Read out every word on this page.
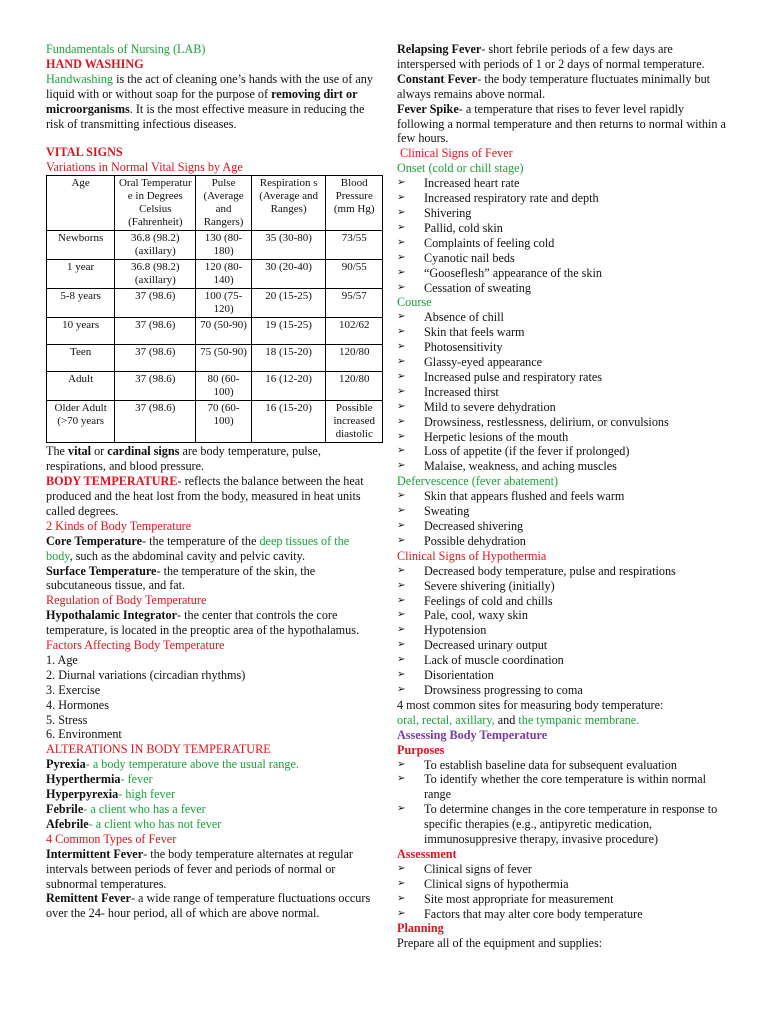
Fundamentals of Nursing (LAB)

HAND WASHING

Handwashing is the act of cleaning one’s hands with the use of any liquid with or without soap for the purpose of removing dirt or microorganisms. It is the most effective measure in reducing the risk of transmitting infectious diseases.

VITAL SIGNS

Variations in Normal Vital Signs by Age

Age	Oral Temperatur e in Degrees Celsius (Fahrenheit)	Pulse (Average and Rangers)	Respiration s (Average and Ranges)	Blood Pressure (mm Hg)
Newborns	36.8 (98.2) (axillary)	130 (80-180)	35 (30-80)	73/55
1 year	36.8 (98.2) (axillary)	120 (80-140)	30 (20-40)	90/55
5-8 years	37 (98.6)	100 (75-120)	20 (15-25)	95/57
10 years	37 (98.6)	70 (50-90)	19 (15-25)	102/62
Teen	37 (98.6)	75 (50-90)	18 (15-20)	120/80
Adult	37 (98.6)	80 (60-100)	16 (12-20)	120/80
Older Adult (>70 years	37 (98.6)	70 (60-100)	16 (15-20)	Possible increased diastolic

The vital or cardinal signs are body temperature, pulse, respirations, and blood pressure.

BODY TEMPERATURE- reflects the balance between the heat produced and the heat lost from the body, measured in heat units called degrees.

2 Kinds of Body Temperature

Core Temperature- the temperature of the deep tissues of the body, such as the abdominal cavity and pelvic cavity.

Surface Temperature- the temperature of the skin, the subcutaneous tissue, and fat.

Regulation of Body Temperature

Hypothalamic Integrator- the center that controls the core temperature, is located in the preoptic area of the hypothalamus.

Factors Affecting Body Temperature

1. Age

2. Diurnal variations (circadian rhythms)

3. Exercise

4. Hormones

5. Stress

6. Environment

ALTERATIONS IN BODY TEMPERATURE

Pyrexia- a body temperature above the usual range.

Hyperthermia- fever

Hyperpyrexia- high fever

Febrile- a client who has a fever

Afebrile- a client who has not fever

4 Common Types of Fever

Intermittent Fever- the body temperature alternates at regular intervals between periods of fever and periods of normal or subnormal temperatures.

Remittent Fever- a wide range of temperature fluctuations occurs over the 24- hour period, all of which are above normal.

Relapsing Fever- short febrile periods of a few days are interspersed with periods of 1 or 2 days of normal temperature.

Constant Fever- the body temperature fluctuates minimally but always remains above normal.

Fever Spike- a temperature that rises to fever level rapidly following a normal temperature and then returns to normal within a few hours.

Clinical Signs of Fever

Onset (cold or chill stage)

➢	Increased heart rate
➢	Increased respiratory rate and depth
➢	Shivering
➢	Pallid, cold skin
➢	Complaints of feeling cold
➢	Cyanotic nail beds
➢	“Gooseflesh” appearance of the skin
➢	Cessation of sweating

Course

➢	Absence of chill
➢	Skin that feels warm
➢	Photosensitivity
➢	Glassy-eyed appearance
➢	Increased pulse and respiratory rates
➢	Increased thirst
➢	Mild to severe dehydration
➢	Drowsiness, restlessness, delirium, or convulsions
➢	Herpetic lesions of the mouth
➢	Loss of appetite (if the fever if prolonged)
➢	Malaise, weakness, and aching muscles

Defervescence (fever abatement)

➢	Skin that appears flushed and feels warm
➢	Sweating
➢	Decreased shivering
➢	Possible dehydration

Clinical Signs of Hypothermia

➢	Decreased body temperature, pulse and respirations
➢	Severe shivering (initially)
➢	Feelings of cold and chills
➢	Pale, cool, waxy skin
➢	Hypotension
➢	Decreased urinary output
➢	Lack of muscle coordination
➢	Disorientation
➢	Drowsiness progressing to coma

4 most common sites for measuring body temperature:
oral, rectal, axillary, and the tympanic membrane.

Assessing Body Temperature

Purposes

➢	To establish baseline data for subsequent evaluation
➢	To identify whether the core temperature is within normal range
➢	To determine changes in the core temperature in response to specific therapies (e.g., antipyretic medication, immunosuppresive therapy, invasive procedure)

Assessment

➢	Clinical signs of fever
➢	Clinical signs of hypothermia
➢	Site most appropriate for measurement
➢	Factors that may alter core body temperature

Planning

Prepare all of the equipment and supplies:
